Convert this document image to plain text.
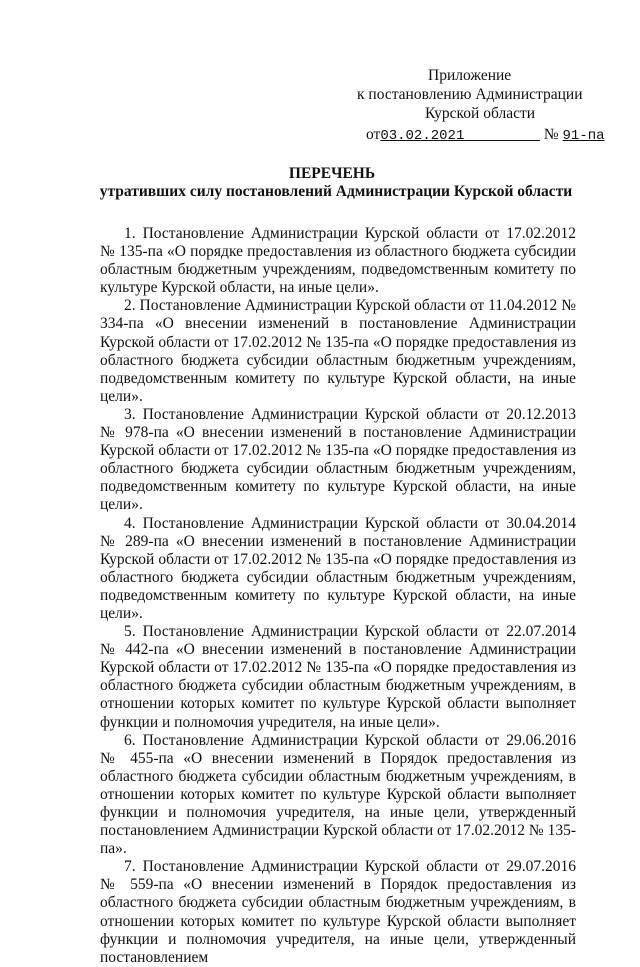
Приложение
к постановлению Администрации
Курской области
от03.02.2021	№ 91-па
ПЕРЕЧЕНЬ
утративших силу постановлений Администрации Курской области

1. Постановление Администрации Курской области от 17.02.2012 № 135-па «О порядке предоставления из областного бюджета субсидии областным бюджетным учреждениям, подведомственным комитету по культуре Курской области, на иные цели».

2. Постановление Администрации Курской области от 11.04.2012 № 334-па «О внесении изменений в постановление Администрации Курской области от 17.02.2012 № 135-па «О порядке предоставления из областного бюджета субсидии областным бюджетным учреждениям, подведомственным комитету по культуре Курской области, на иные цели».

3. Постановление Администрации Курской области от 20.12.2013 № 978-па «О внесении изменений в постановление Администрации Курской области от 17.02.2012 № 135-па «О порядке предоставления из областного бюджета субсидии областным бюджетным учреждениям, подведомственным комитету по культуре Курской области, на иные цели».

4. Постановление Администрации Курской области от 30.04.2014 № 289-па «О внесении изменений в постановление Администрации Курской области от 17.02.2012 № 135-па «О порядке предоставления из областного бюджета субсидии областным бюджетным учреждениям, подведомственным комитету по культуре Курской области, на иные цели».

5. Постановление Администрации Курской области от 22.07.2014 № 442-па «О внесении изменений в постановление Администрации Курской области от 17.02.2012 № 135-па «О порядке предоставления из областного бюджета субсидии областным бюджетным учреждениям, в отношении которых комитет по культуре Курской области выполняет функции и полномочия учредителя, на иные цели».

6. Постановление Администрации Курской области от 29.06.2016 № 455-па «О внесении изменений в Порядок предоставления из областного бюджета субсидии областным бюджетным учреждениям, в отношении которых комитет по культуре Курской области выполняет функции и полномочия учредителя, на иные цели, утвержденный постановлением Администрации Курской области от 17.02.2012 № 135-па».

7. Постановление Администрации Курской области от 29.07.2016 № 559-па «О внесении изменений в Порядок предоставления из областного бюджета субсидии областным бюджетным учреждениям, в отношении которых комитет по культуре Курской области выполняет функции и полномочия учредителя, на иные цели, утвержденный постановлением
